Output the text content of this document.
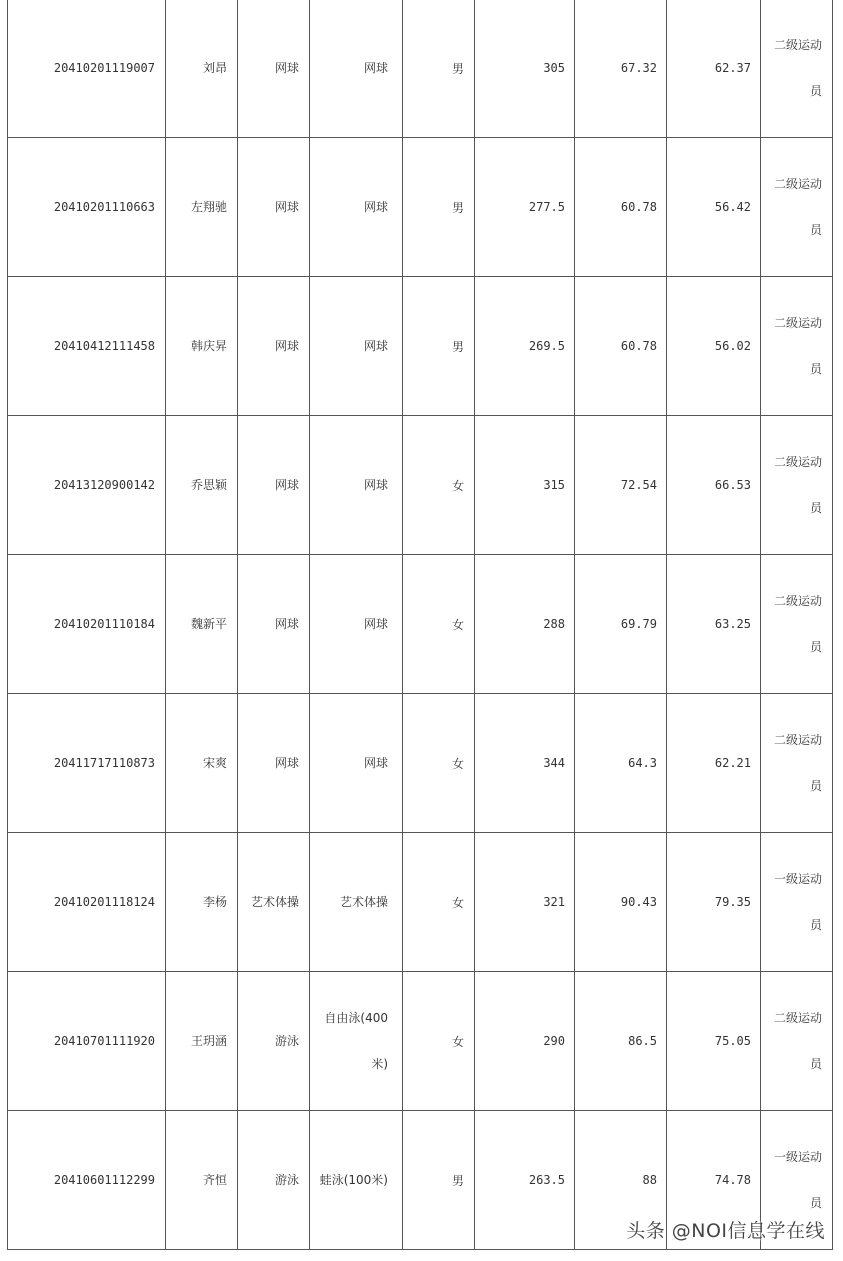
20410201119007	刘昂	网球	网球	男	305	67.32	62.37	二级运动员
20410201110663	左翔驰	网球	网球	男	277.5	60.78	56.42	二级运动员
20410412111458	韩庆昇	网球	网球	男	269.5	60.78	56.02	二级运动员
20413120900142	乔思颖	网球	网球	女	315	72.54	66.53	二级运动员
20410201110184	魏新平	网球	网球	女	288	69.79	63.25	二级运动员
20411717110873	宋爽	网球	网球	女	344	64.3	62.21	二级运动员
20410201118124	李杨	艺术体操	艺术体操	女	321	90.43	79.35	一级运动员
20410701111920	王玥涵	游泳	自由泳(400米)	女	290	86.5	75.05	二级运动员
20410601112299	齐恒	游泳	蛙泳(100米)	男	263.5	88	74.78	一级运动员
头条 @NOI信息学在线
